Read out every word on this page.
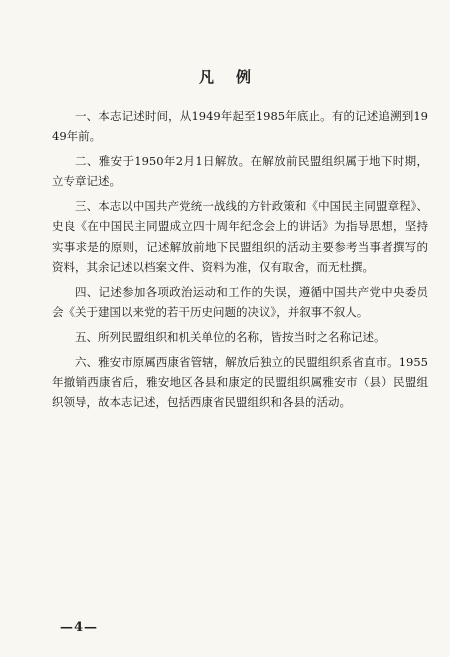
凡例

一、本志记述时间，从1949年起至1985年底止。有的记述追溯到1949年前。

二、雅安于1950年2月1日解放。在解放前民盟组织属于地下时期，立专章记述。

三、本志以中国共产党统一战线的方针政策和《中国民主同盟章程》、史良《在中国民主同盟成立四十周年纪念会上的讲话》为指导思想，坚持实事求是的原则，记述解放前地下民盟组织的活动主要参考当事者撰写的资料，其余记述以档案文件、资料为准，仅有取舍，而无杜撰。

四、记述参加各项政治运动和工作的失误，遵循中国共产党中央委员会《关于建国以来党的若干历史问题的决议》，并叙事不叙人。

五、所列民盟组织和机关单位的名称，皆按当时之名称记述。

六、雅安市原属西康省管辖，解放后独立的民盟组织系省直市。1955年撤销西康省后，雅安地区各县和康定的民盟组织属雅安市（县）民盟组织领导，故本志记述，包括西康省民盟组织和各县的活动。

—4—
